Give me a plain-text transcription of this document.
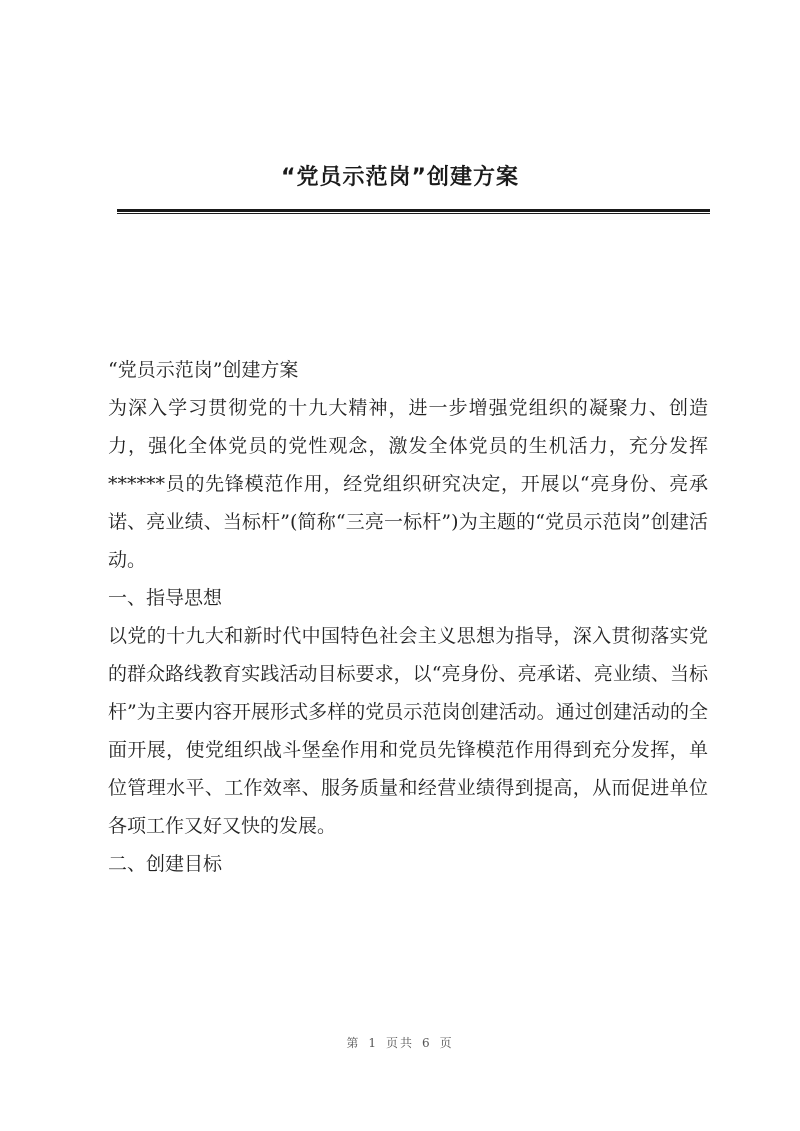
“党员示范岗”创建方案

“党员示范岗”创建方案

为深入学习贯彻党的十九大精神，进一步增强党组织的凝聚力、创造力，强化全体党员的党性观念，激发全体党员的生机活力，充分发挥******员的先锋模范作用，经党组织研究决定，开展以“亮身份、亮承诺、亮业绩、当标杆”(简称“三亮一标杆”)为主题的“党员示范岗”创建活动。

一、指导思想

以党的十九大和新时代中国特色社会主义思想为指导，深入贯彻落实党的群众路线教育实践活动目标要求，以“亮身份、亮承诺、亮业绩、当标杆”为主要内容开展形式多样的党员示范岗创建活动。通过创建活动的全面开展，使党组织战斗堡垒作用和党员先锋模范作用得到充分发挥，单位管理水平、工作效率、服务质量和经营业绩得到提高，从而促进单位各项工作又好又快的发展。

二、创建目标

第 1 页共 6 页
